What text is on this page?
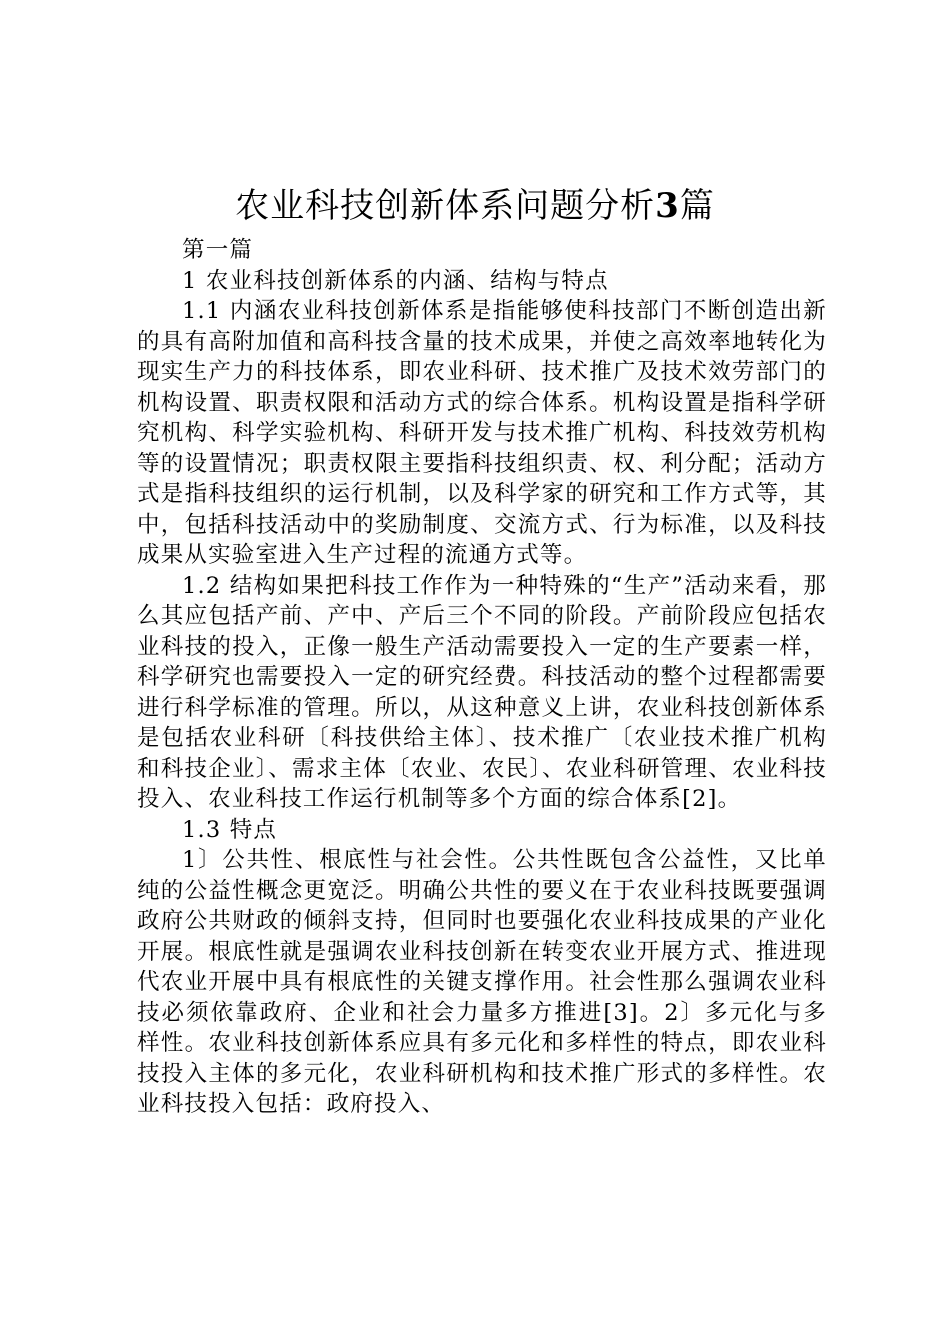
农业科技创新体系问题分析3篇

第一篇

1 农业科技创新体系的内涵、结构与特点

1.1 内涵农业科技创新体系是指能够使科技部门不断创造出新的具有高附加值和高科技含量的技术成果，并使之高效率地转化为现实生产力的科技体系，即农业科研、技术推广及技术效劳部门的机构设置、职责权限和活动方式的综合体系。机构设置是指科学研究机构、科学实验机构、科研开发与技术推广机构、科技效劳机构等的设置情况；职责权限主要指科技组织责、权、利分配；活动方式是指科技组织的运行机制，以及科学家的研究和工作方式等，其中，包括科技活动中的奖励制度、交流方式、行为标准，以及科技成果从实验室进入生产过程的流通方式等。

1.2 结构如果把科技工作作为一种特殊的“生产”活动来看，那么其应包括产前、产中、产后三个不同的阶段。产前阶段应包括农业科技的投入，正像一般生产活动需要投入一定的生产要素一样，科学研究也需要投入一定的研究经费。科技活动的整个过程都需要进行科学标准的管理。所以，从这种意义上讲，农业科技创新体系是包括农业科研〔科技供给主体〕、技术推广〔农业技术推广机构和科技企业〕、需求主体〔农业、农民〕、农业科研管理、农业科技投入、农业科技工作运行机制等多个方面的综合体系[2]。

1.3 特点

1〕公共性、根底性与社会性。公共性既包含公益性，又比单纯的公益性概念更宽泛。明确公共性的要义在于农业科技既要强调政府公共财政的倾斜支持，但同时也要强化农业科技成果的产业化开展。根底性就是强调农业科技创新在转变农业开展方式、推进现代农业开展中具有根底性的关键支撑作用。社会性那么强调农业科技必须依靠政府、企业和社会力量多方推进[3]。2〕多元化与多样性。农业科技创新体系应具有多元化和多样性的特点，即农业科技投入主体的多元化，农业科研机构和技术推广形式的多样性。农业科技投入包括：政府投入、
